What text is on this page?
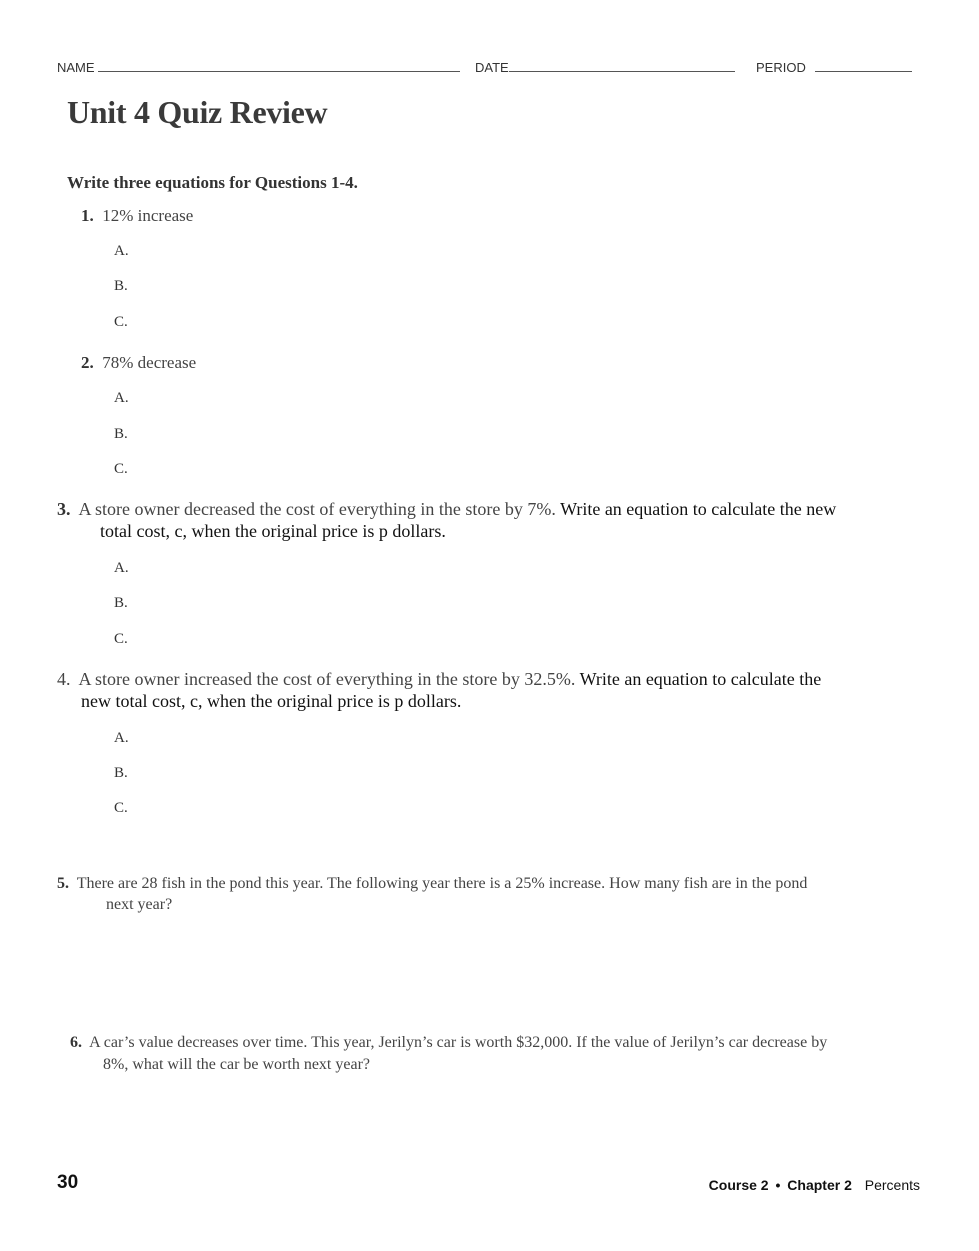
NAME	DATE	PERIOD
Unit 4 Quiz Review
Write three equations for Questions 1-4.
1. 12% increase
A.
B.
C.
2. 78% decrease
A.
B.
C.
3. A store owner decreased the cost of everything in the store by 7%. Write an equation to calculate the new
total cost, c, when the original price is p dollars.
A.
B.
C.
4. A store owner increased the cost of everything in the store by 32.5%. Write an equation to calculate the
new total cost, c, when the original price is p dollars.
A.
B.
C.
5. There are 28 fish in the pond this year. The following year there is a 25% increase. How many fish are in the pond
next year?
6. A car’s value decreases over time. This year, Jerilyn’s car is worth $32,000. If the value of Jerilyn’s car decrease by
8%, what will the car be worth next year?
30	Course 2 • Chapter 2 Percents
